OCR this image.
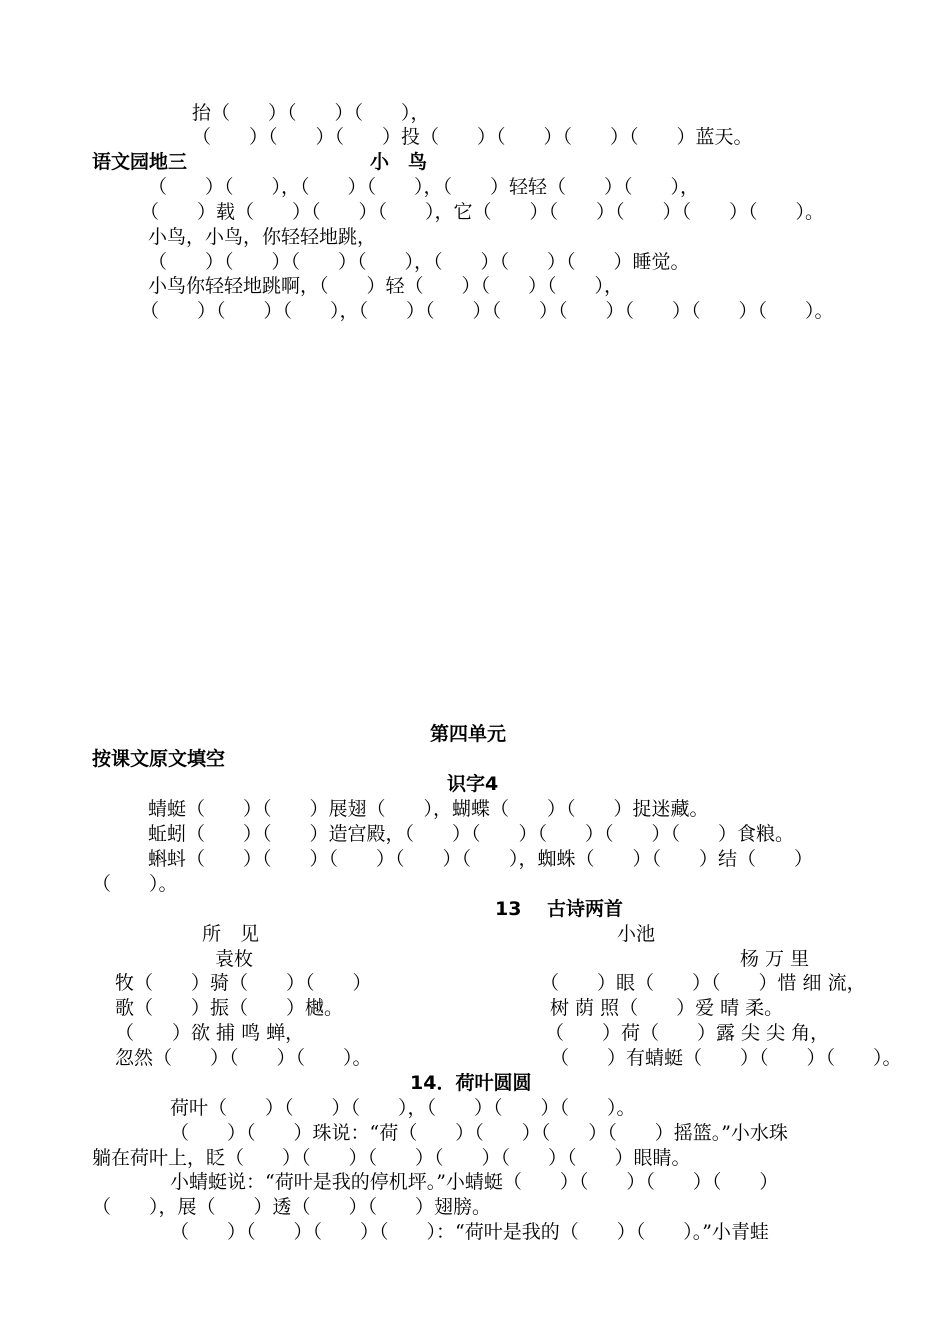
抬（　　）（　　）（　　），
（　　）（　　）（　　）投（　　）（　　）（　　）（　　）蓝天。
语文园地三	小　鸟
（　　）（　　），（　　）（　　），（　　）轻轻（　　）（　　），
（　　）载（　　）（　　）（　　），它（　　）（　　）（　　）（　　）（　　）。
小鸟，小鸟，你轻轻地跳，
（　　）（　　）（　　）（　　），（　　）（　　）（　　）睡觉。
小鸟你轻轻地跳啊，（　　）轻（　　）（　　）（　　），
（　　）（　　）（　　），（　　）（　　）（　　）（　　）（　　）（　　）（　　）。
第四单元
按课文原文填空
识字4
蜻蜓（　　）（　　）展翅（　　），蝴蝶（　　）（　　）捉迷藏。
蚯蚓（　　）（　　）造宫殿，（　　）（　　）（　　）（　　）（　　）食粮。
蝌蚪（　　）（　　）（　　）（　　）（　　），蜘蛛（　　）（　　）结（　　）
（　　）。
13　 古诗两首
所　见
袁枚
牧（　　）骑（　　）（　　）
歌（　　）振（　　）樾。
（　　）欲 捕 鸣 蝉，
忽然（　　）（　　）（　　）。
小池
杨 万 里
（　　）眼（　　）（　　）惜 细 流，
树 荫 照（　　）爱 晴 柔。
（　　）荷（　　）露 尖 尖 角，
（　　）有蜻蜓（　　）（　　）（　　）。
14．荷叶圆圆
荷叶（　　）（　　）（　　），（　　）（　　）（　　）。
（　　）（　　）珠说：“荷（　　）（　　）（　　）（　　）摇篮。”小水珠
躺在荷叶上，眨（　　）（　　）（　　）（　　）（　　）（　　）眼睛。
小蜻蜓说：“荷叶是我的停机坪。”小蜻蜓（　　）（　　）（　　）（　　）
（　　），展（　　）透（　　）（　　）翅膀。
（　　）（　　）（　　）（　　）：“荷叶是我的（　　）（　　）。”小青蛙
